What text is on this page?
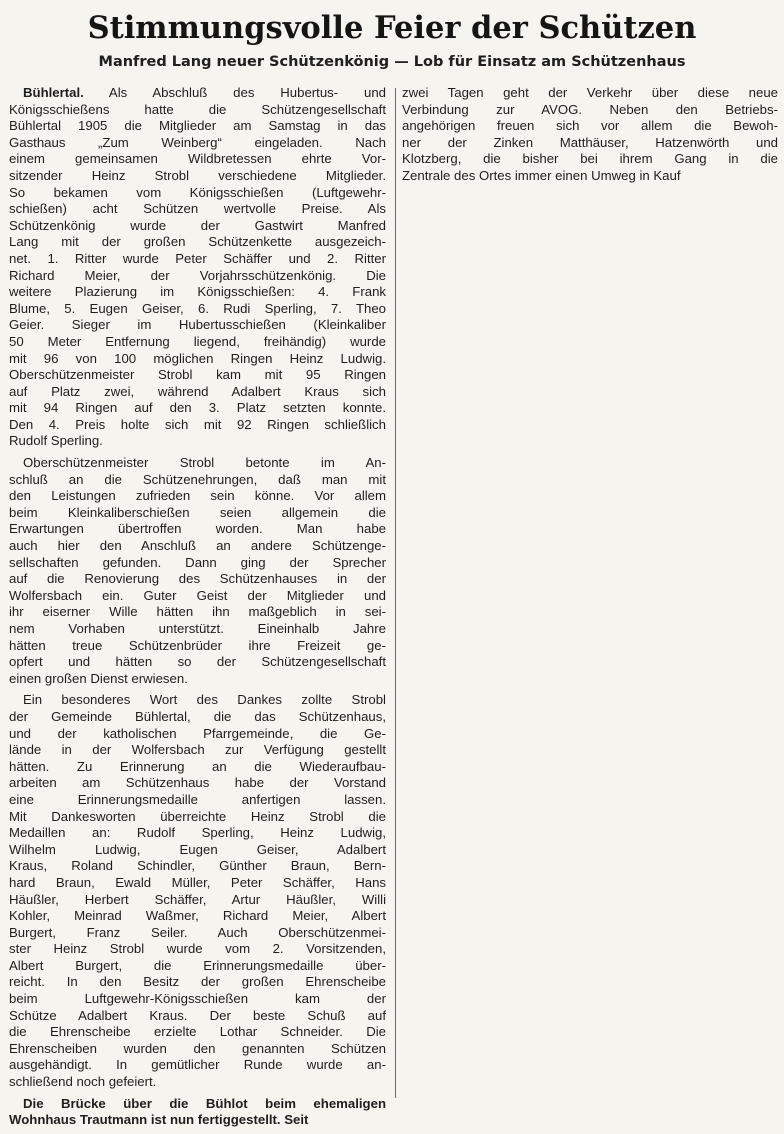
Stimmungsvolle Feier der Schützen
Manfred Lang neuer Schützenkönig — Lob für Einsatz am Schützenhaus
Bühlertal. Als Abschluß des Hubertus- und
Königsschießens hatte die Schützengesellschaft
Bühlertal 1905 die Mitglieder am Samstag in das
Gasthaus „Zum Weinberg“ eingeladen. Nach
einem gemeinsamen Wildbretessen ehrte Vor-
sitzender Heinz Strobl verschiedene Mitglieder.
So bekamen vom Königsschießen (Luftgewehr-
schießen) acht Schützen wertvolle Preise. Als
Schützenkönig wurde der Gastwirt Manfred
Lang mit der großen Schützenkette ausgezeich-
net. 1. Ritter wurde Peter Schäffer und 2. Ritter
Richard Meier, der Vorjahrsschützenkönig. Die
weitere Plazierung im Königsschießen: 4. Frank
Blume, 5. Eugen Geiser, 6. Rudi Sperling, 7. Theo
Geier. Sieger im Hubertusschießen (Kleinkaliber
50 Meter Entfernung liegend, freihändig) wurde
mit 96 von 100 möglichen Ringen Heinz Ludwig.
Oberschützenmeister Strobl kam mit 95 Ringen
auf Platz zwei, während Adalbert Kraus sich
mit 94 Ringen auf den 3. Platz setzten konnte.
Den 4. Preis holte sich mit 92 Ringen schließlich
Rudolf Sperling.
Oberschützenmeister Strobl betonte im An-
schluß an die Schützenehrungen, daß man mit
den Leistungen zufrieden sein könne. Vor allem
beim Kleinkaliberschießen seien allgemein die
Erwartungen übertroffen worden. Man habe
auch hier den Anschluß an andere Schützenge-
sellschaften gefunden. Dann ging der Sprecher
auf die Renovierung des Schützenhauses in der
Wolfersbach ein. Guter Geist der Mitglieder und
ihr eiserner Wille hätten ihn maßgeblich in sei-
nem Vorhaben unterstützt. Eineinhalb Jahre
hätten treue Schützenbrüder ihre Freizeit ge-
opfert und hätten so der Schützengesellschaft
einen großen Dienst erwiesen.
Ein besonderes Wort des Dankes zollte Strobl
der Gemeinde Bühlertal, die das Schützenhaus,
und der katholischen Pfarrgemeinde, die Ge-
lände in der Wolfersbach zur Verfügung gestellt
hätten. Zu Erinnerung an die Wiederaufbau-
arbeiten am Schützenhaus habe der Vorstand
eine Erinnerungsmedaille anfertigen lassen.
Mit Dankesworten überreichte Heinz Strobl die
Medaillen an: Rudolf Sperling, Heinz Ludwig,
Wilhelm Ludwig, Eugen Geiser, Adalbert
Kraus, Roland Schindler, Günther Braun, Bern-
hard Braun, Ewald Müller, Peter Schäffer, Hans
Häußler, Herbert Schäffer, Artur Häußler, Willi
Kohler, Meinrad Waßmer, Richard Meier, Albert
Burgert, Franz Seiler. Auch Oberschützenmei-
ster Heinz Strobl wurde vom 2. Vorsitzenden,
Albert Burgert, die Erinnerungsmedaille über-
reicht. In den Besitz der großen Ehrenscheibe
beim Luftgewehr-Königsschießen kam der
Schütze Adalbert Kraus. Der beste Schuß auf
die Ehrenscheibe erzielte Lothar Schneider. Die
Ehrenscheiben wurden den genannten Schützen
ausgehändigt. In gemütlicher Runde wurde an-
schließend noch gefeiert.
Die Brücke über die Bühlot beim ehemaligen
Wohnhaus Trautmann ist nun fertiggestellt. Seit
zwei Tagen geht der Verkehr über diese neue
Verbindung zur AVOG. Neben den Betriebs-
angehörigen freuen sich vor allem die Bewoh-
ner der Zinken Matthäuser, Hatzenwörth und
Klotzberg, die bisher bei ihrem Gang in die
Zentrale des Ortes immer einen Umweg in Kauf
